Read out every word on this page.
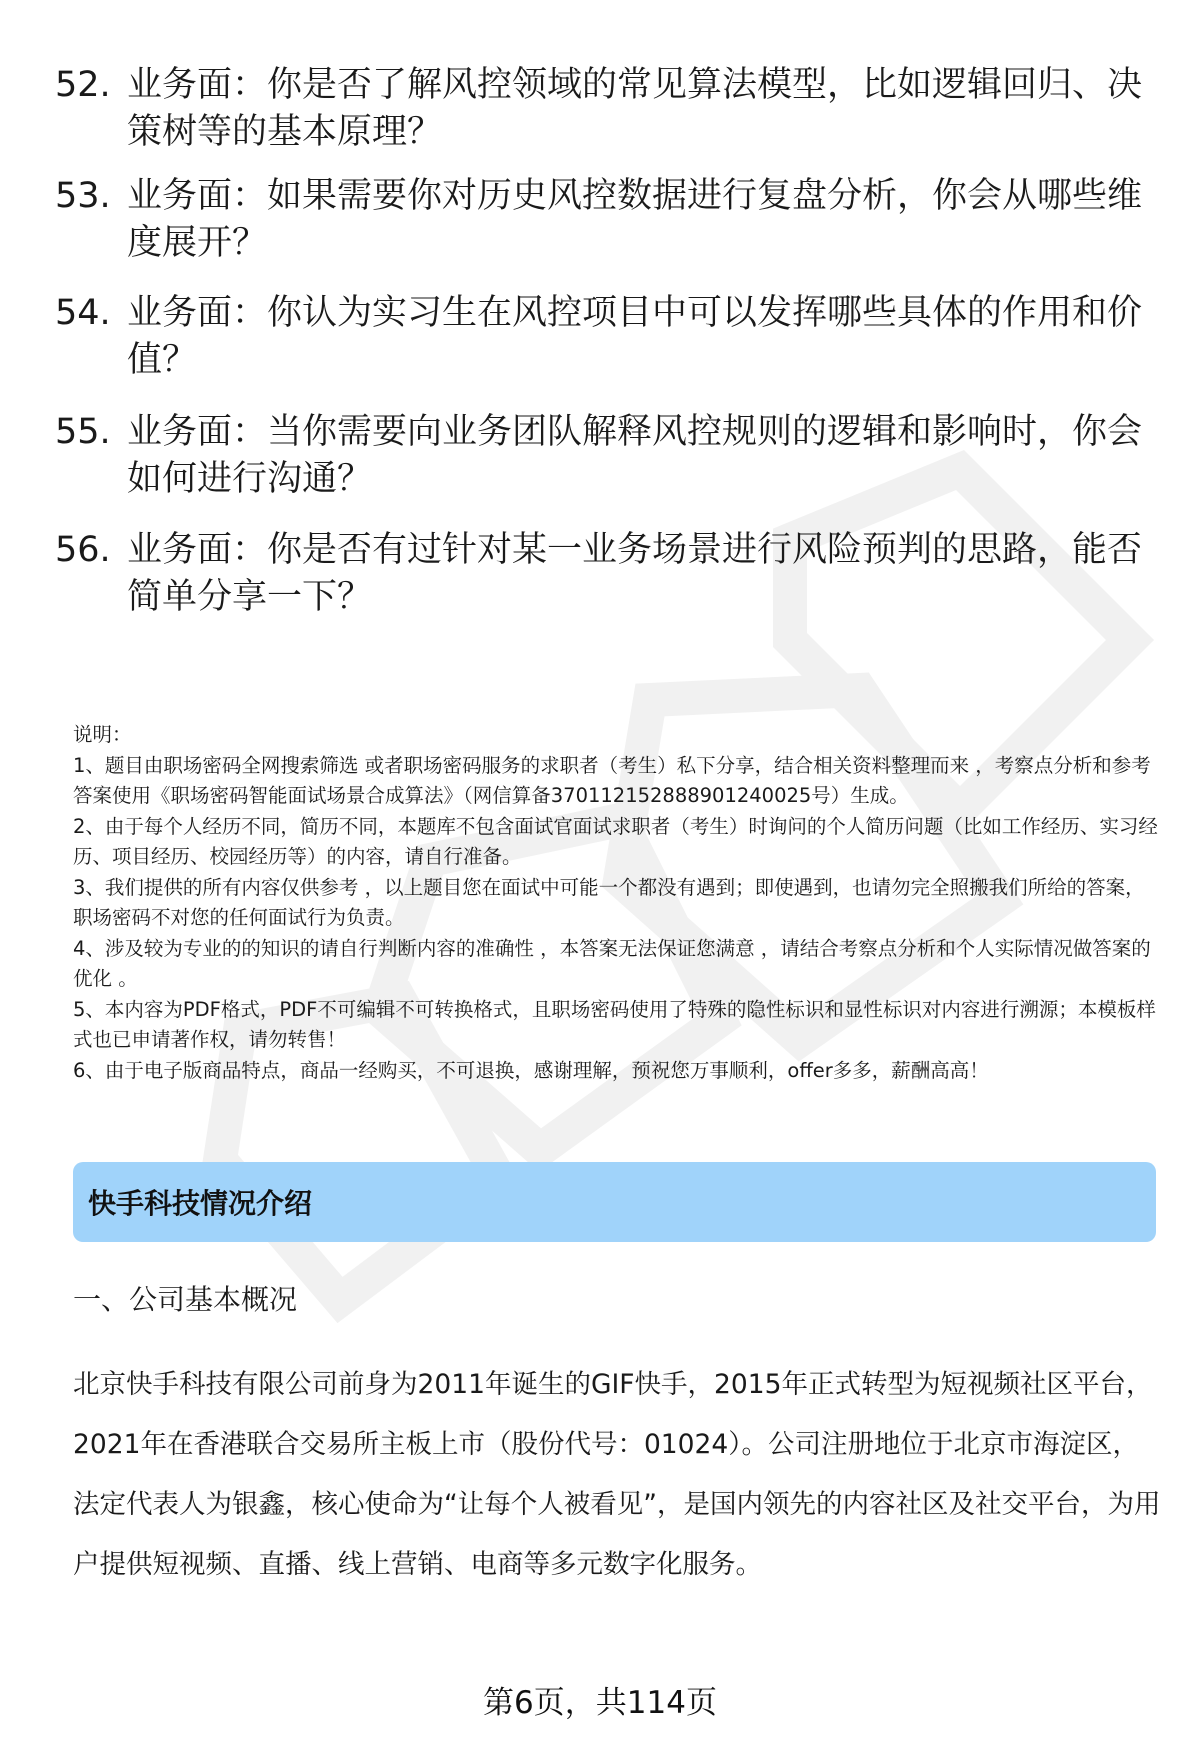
52. 业务面：你是否了解风控领域的常见算法模型，比如逻辑回归、决策树等的基本原理？
53. 业务面：如果需要你对历史风控数据进行复盘分析，你会从哪些维度展开？
54. 业务面：你认为实习生在风控项目中可以发挥哪些具体的作用和价值？
55. 业务面：当你需要向业务团队解释风控规则的逻辑和影响时，你会如何进行沟通？
56. 业务面：你是否有过针对某一业务场景进行风险预判的思路，能否简单分享一下？

说明：

1、题目由职场密码全网搜索筛选 或者职场密码服务的求职者（考生）私下分享，结合相关资料整理而来 ，考察点分析和参考答案使用《职场密码智能面试场景合成算法》（网信算备370112152888901240025号）生成。

2、由于每个人经历不同，简历不同，本题库不包含面试官面试求职者（考生）时询问的个人简历问题（比如工作经历、实习经历、项目经历、校园经历等）的内容，请自行准备。

3、我们提供的所有内容仅供参考 ，以上题目您在面试中可能一个都没有遇到；即使遇到，也请勿完全照搬我们所给的答案，职场密码不对您的任何面试行为负责。

4、涉及较为专业的的知识的请自行判断内容的准确性 ，本答案无法保证您满意 ，请结合考察点分析和个人实际情况做答案的优化 。

5、本内容为PDF格式，PDF不可编辑不可转换格式，且职场密码使用了特殊的隐性标识和显性标识对内容进行溯源；本模板样式也已申请著作权，请勿转售！

6、由于电子版商品特点，商品一经购买，不可退换，感谢理解，预祝您万事顺利，offer多多，薪酬高高！

快手科技情况介绍
一、公司基本概况
北京快手科技有限公司前身为2011年诞生的GIF快手，2015年正式转型为短视频社区平台，2021年在香港联合交易所主板上市（股份代号：01024）。公司注册地位于北京市海淀区，法定代表人为银鑫，核心使命为“让每个人被看见”，是国内领先的内容社区及社交平台，为用户提供短视频、直播、线上营销、电商等多元数字化服务。
第6页，共114页
